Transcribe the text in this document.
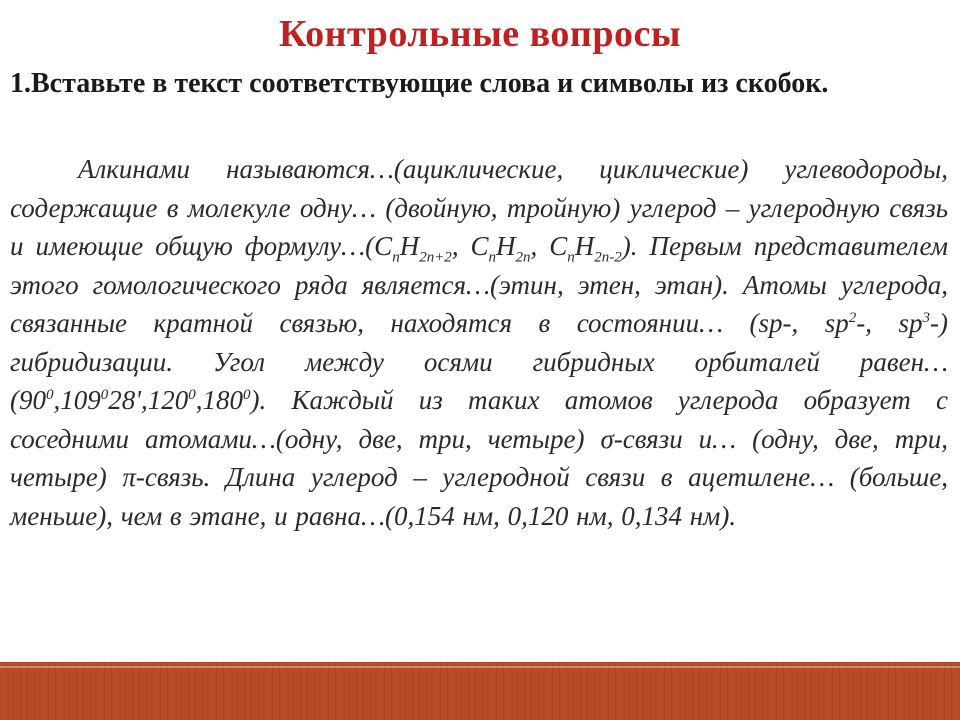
Контрольные вопросы
1.Вставьте в текст соответствующие слова и символы из скобок.
Алкинами называются…(ациклические, циклические) углеводороды, содержащие в молекуле одну… (двойную, тройную) углерод – углеродную связь и имеющие общую $формулу\dots(C_nH_{2n+2}$, $C_nH_{2n}$, $C_nH_{2n-2}$). Первым представителем этого гомологического ряда является…(этин, этен, этан). Атомы углерода, связанные кратной связью, находятся в состоянии… (sp-, $sp^2-$, $sp^3-$) гибридизации. Угол между осями гибридных орбиталей $равен\dots(90^0,109^028',120^0,180^0)$. Каждый из таких атомов углерода образует с соседними атомами…(одну, две, три, четыре) σ-связи и… (одну, две, три, четыре) π-связь. Длина углерод – углеродной связи в ацетилене… (больше, меньше), чем в этане, и равна…(0,154 нм, 0,120 нм, 0,134 нм).
